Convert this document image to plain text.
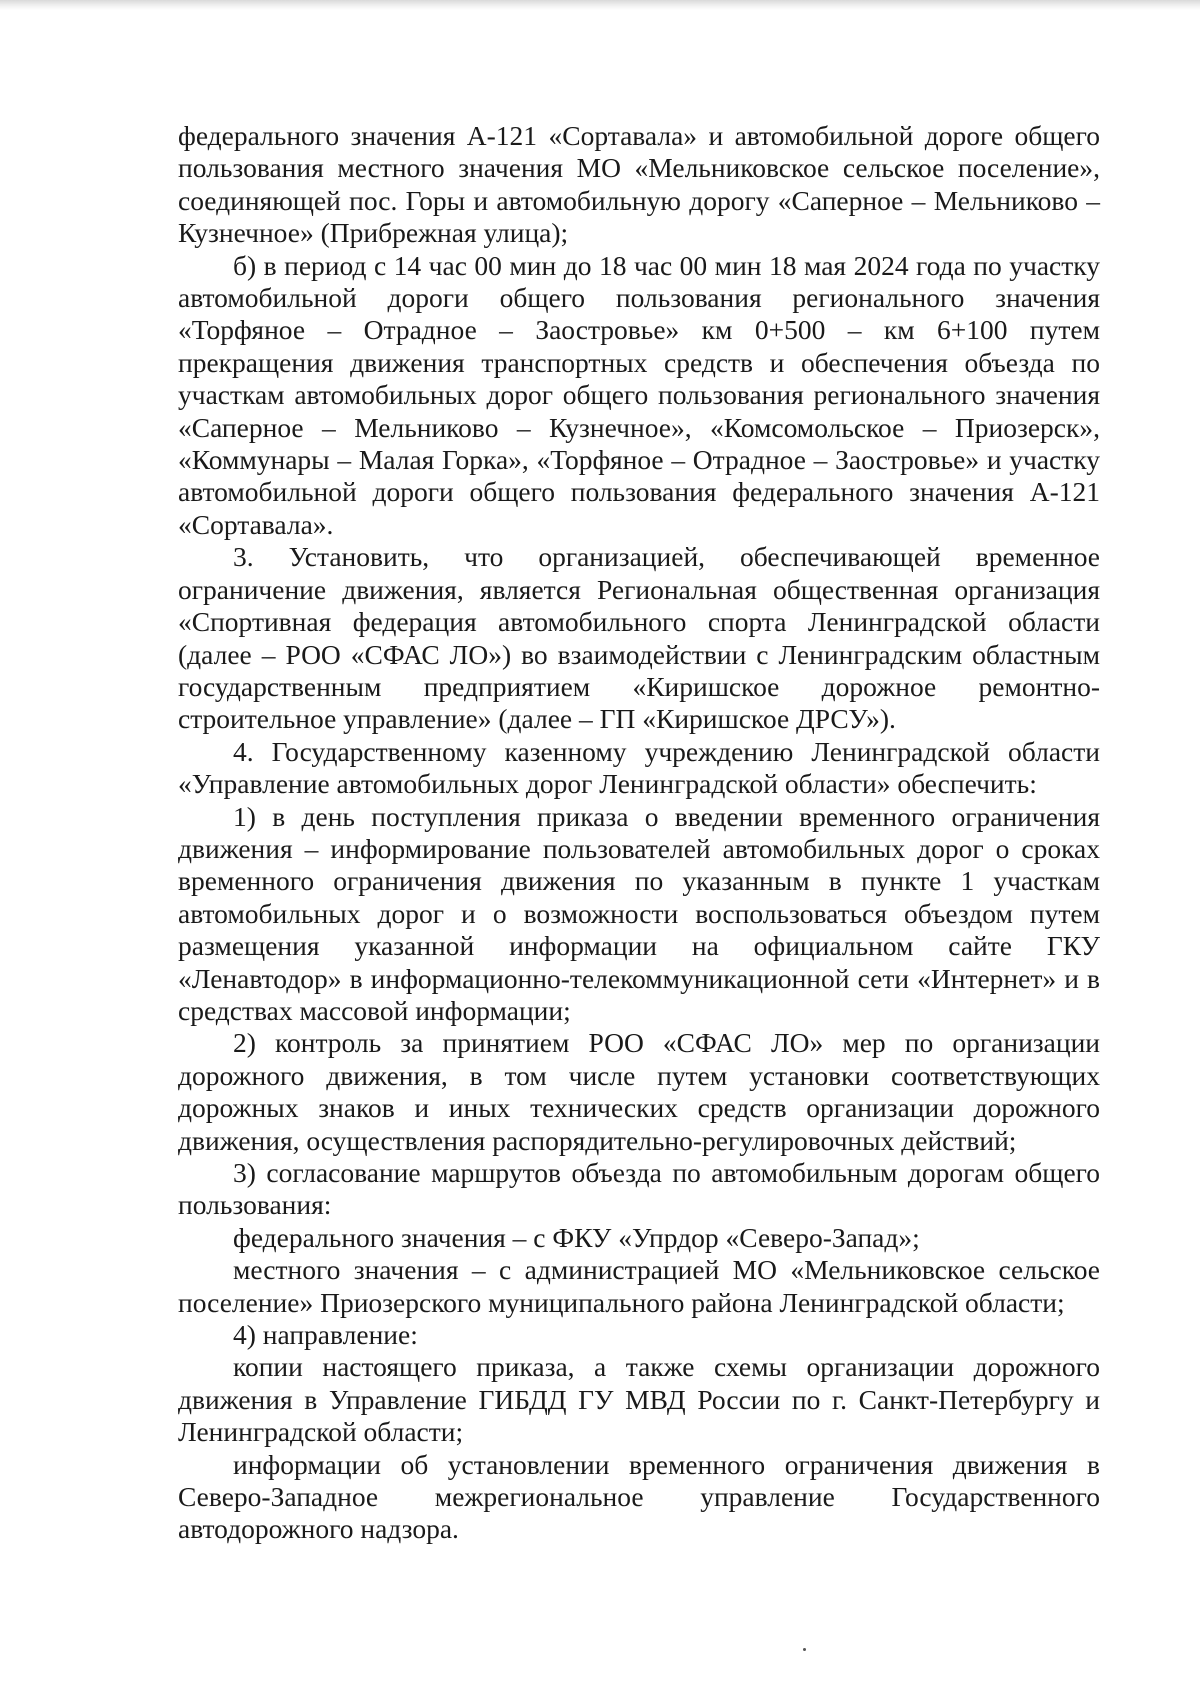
федерального значения А-121 «Сортавала» и автомобильной дороге общего пользования местного значения МО «Мельниковское сельское поселение», соединяющей пос. Горы и автомобильную дорогу «Саперное – Мельниково – Кузнечное» (Прибрежная улица);

б) в период с 14 час 00 мин до 18 час 00 мин 18 мая 2024 года по участку автомобильной дороги общего пользования регионального значения «Торфяное – Отрадное – Заостровье» км 0+500 – км 6+100 путем прекращения движения транспортных средств и обеспечения объезда по участкам автомобильных дорог общего пользования регионального значения «Саперное – Мельниково – Кузнечное», «Комсомольское – Приозерск», «Коммунары – Малая Горка», «Торфяное – Отрадное – Заостровье» и участку автомобильной дороги общего пользования федерального значения А-121 «Сортавала».

3. Установить, что организацией, обеспечивающей временное ограничение движения, является Региональная общественная организация «Спортивная федерация автомобильного спорта Ленинградской области (далее – РОО «СФАС ЛО») во взаимодействии с Ленинградским областным государственным предприятием «Киришское дорожное ремонтно-строительное управление» (далее – ГП «Киришское ДРСУ»).

4. Государственному казенному учреждению Ленинградской области «Управление автомобильных дорог Ленинградской области» обеспечить:

1) в день поступления приказа о введении временного ограничения движения – информирование пользователей автомобильных дорог о сроках временного ограничения движения по указанным в пункте 1 участкам автомобильных дорог и о возможности воспользоваться объездом путем размещения указанной информации на официальном сайте ГКУ «Ленавтодор» в информационно-телекоммуникационной сети «Интернет» и в средствах массовой информации;

2) контроль за принятием РОО «СФАС ЛО» мер по организации дорожного движения, в том числе путем установки соответствующих дорожных знаков и иных технических средств организации дорожного движения, осуществления распорядительно-регулировочных действий;

3) согласование маршрутов объезда по автомобильным дорогам общего пользования:

федерального значения – с ФКУ «Упрдор «Северо-Запад»;

местного значения – с администрацией МО «Мельниковское сельское поселение» Приозерского муниципального района Ленинградской области;

4) направление:

копии настоящего приказа, а также схемы организации дорожного движения в Управление ГИБДД ГУ МВД России по г. Санкт-Петербургу и Ленинградской области;

информации об установлении временного ограничения движения в Северо-Западное межрегиональное управление Государственного автодорожного надзора.
